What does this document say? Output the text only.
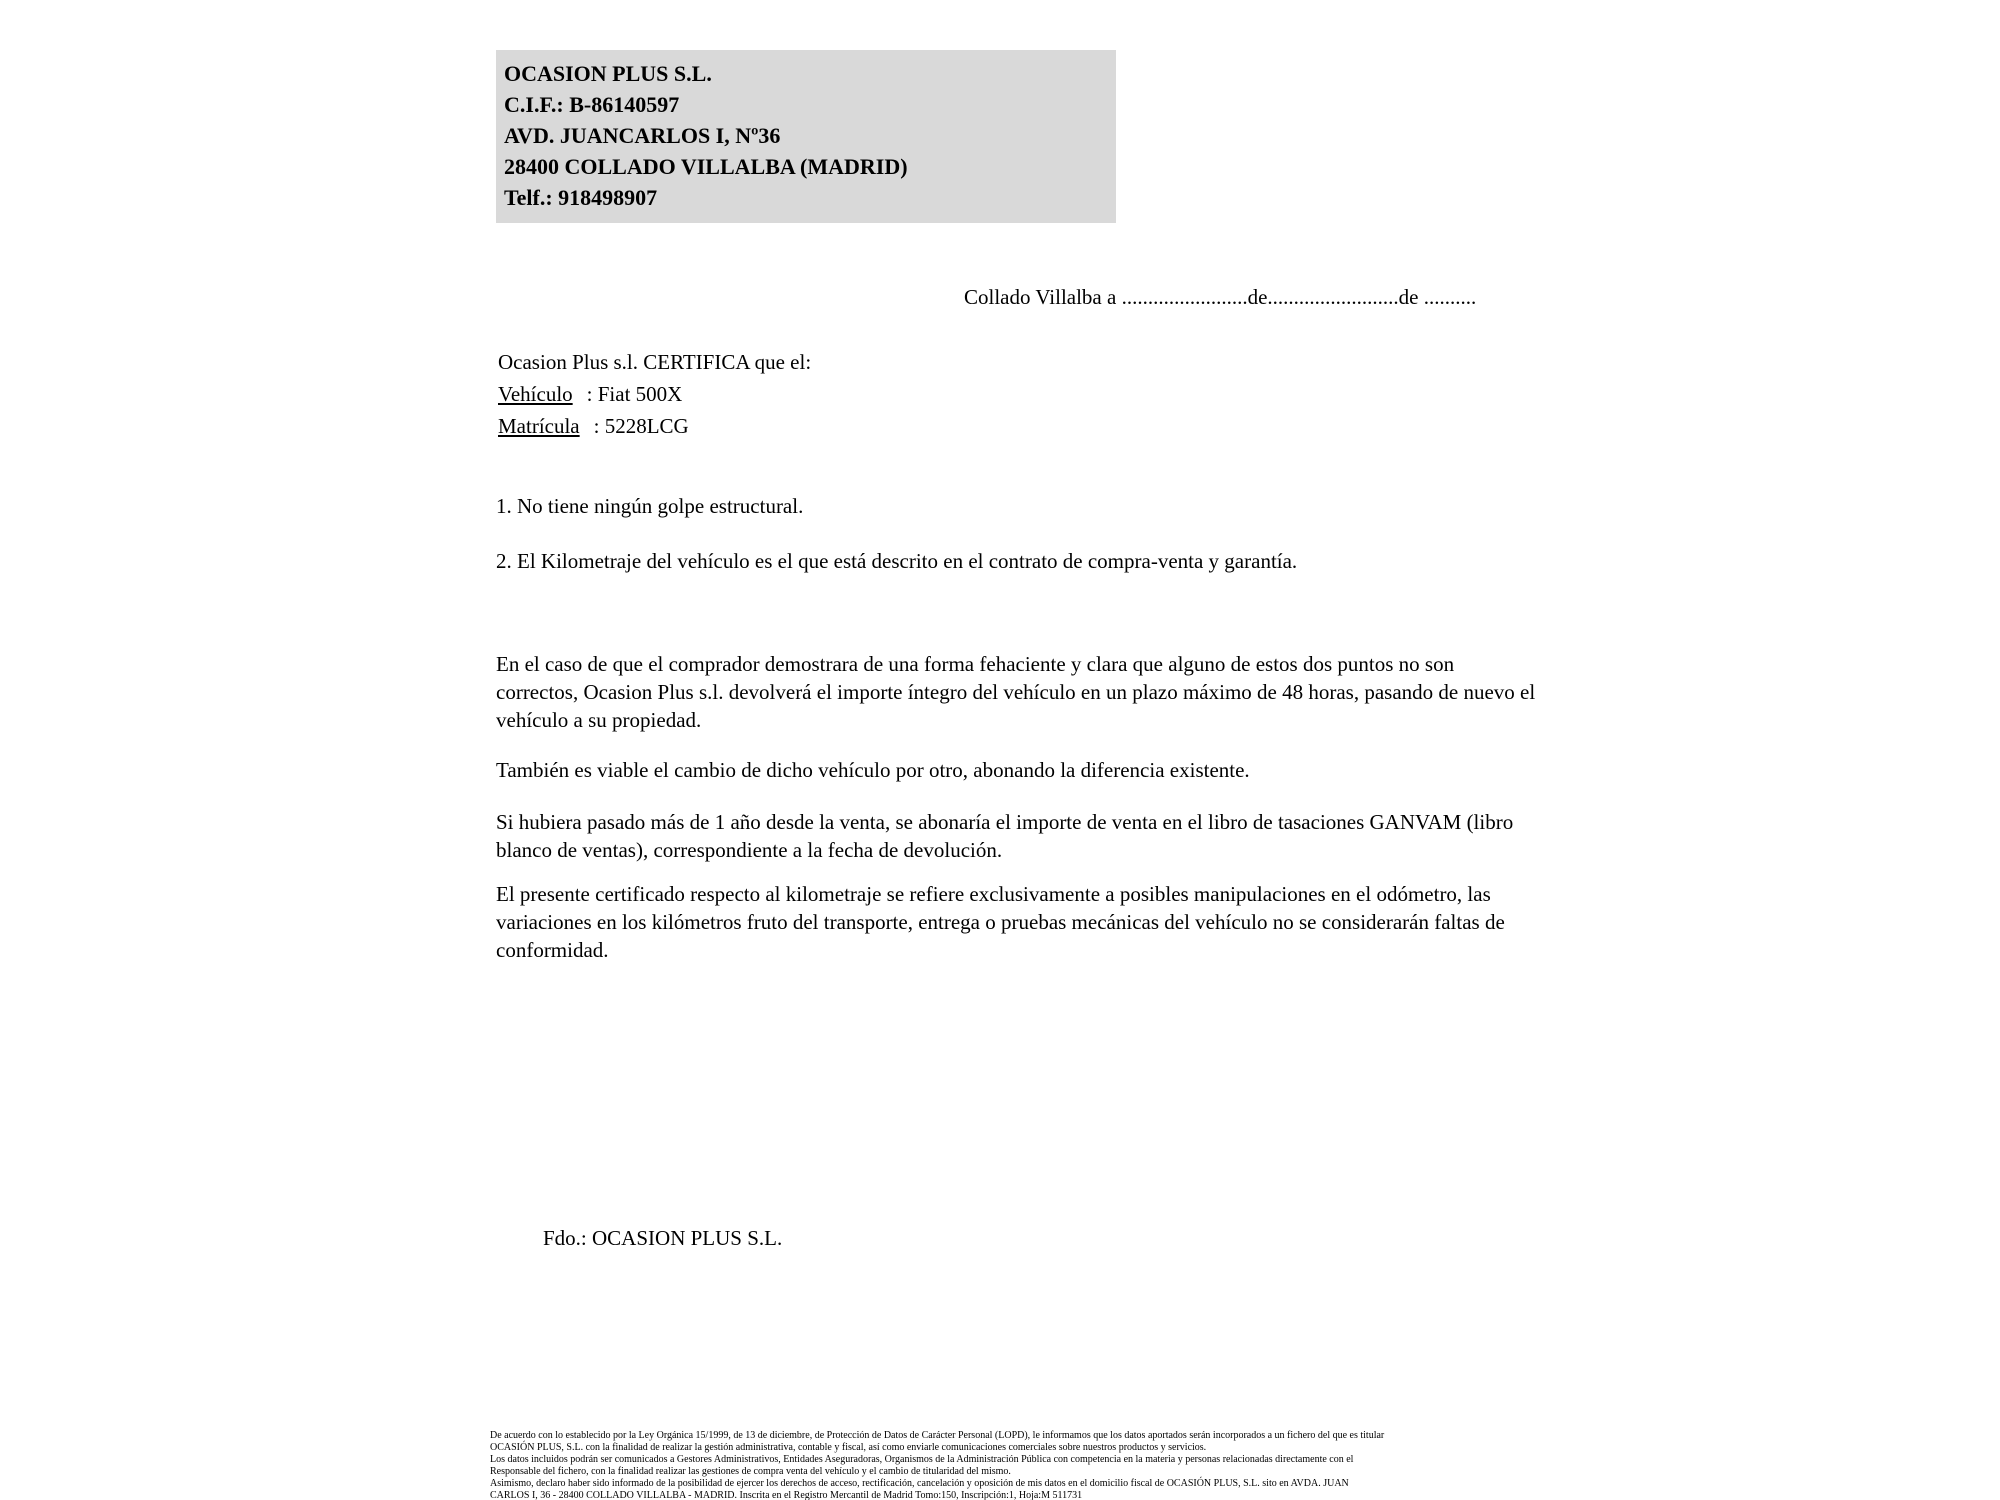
OCASION PLUS S.L.
C.I.F.: B-86140597
AVD. JUANCARLOS I, Nº36
28400 COLLADO VILLALBA (MADRID)
Telf.: 918498907
Collado Villalba a ........................de.........................de ..........
Ocasion Plus s.l. CERTIFICA que el:
Vehículo : Fiat 500X
Matrícula : 5228LCG
1. No tiene ningún golpe estructural.
2. El Kilometraje del vehículo es el que está descrito en el contrato de compra-venta y garantía.
En el caso de que el comprador demostrara de una forma fehaciente y clara que alguno de estos dos puntos no son correctos, Ocasion Plus s.l. devolverá el importe íntegro del vehículo en un plazo máximo de 48 horas, pasando de nuevo el vehículo a su propiedad.
También es viable el cambio de dicho vehículo por otro, abonando la diferencia existente.
Si hubiera pasado más de 1 año desde la venta, se abonaría el importe de venta en el libro de tasaciones GANVAM (libro blanco de ventas), correspondiente a la fecha de devolución.
El presente certificado respecto al kilometraje se refiere exclusivamente a posibles manipulaciones en el odómetro, las variaciones en los kilómetros fruto del transporte, entrega o pruebas mecánicas del vehículo no se considerarán faltas de conformidad.
Fdo.: OCASION PLUS S.L.
De acuerdo con lo establecido por la Ley Orgánica 15/1999, de 13 de diciembre, de Protección de Datos de Carácter Personal (LOPD), le informamos que los datos aportados serán incorporados a un fichero del que es titular
OCASIÓN PLUS, S.L. con la finalidad de realizar la gestión administrativa, contable y fiscal, así como enviarle comunicaciones comerciales sobre nuestros productos y servicios.
Los datos incluidos podrán ser comunicados a Gestores Administrativos, Entidades Aseguradoras, Organismos de la Administración Pública con competencia en la materia y personas relacionadas directamente con el
Responsable del fichero, con la finalidad realizar las gestiones de compra venta del vehículo y el cambio de titularidad del mismo.
Asimismo, declaro haber sido informado de la posibilidad de ejercer los derechos de acceso, rectificación, cancelación y oposición de mis datos en el domicilio fiscal de OCASIÓN PLUS, S.L. sito en AVDA. JUAN
CARLOS I, 36 - 28400 COLLADO VILLALBA - MADRID. Inscrita en el Registro Mercantil de Madrid Tomo:150, Inscripción:1, Hoja:M 511731
